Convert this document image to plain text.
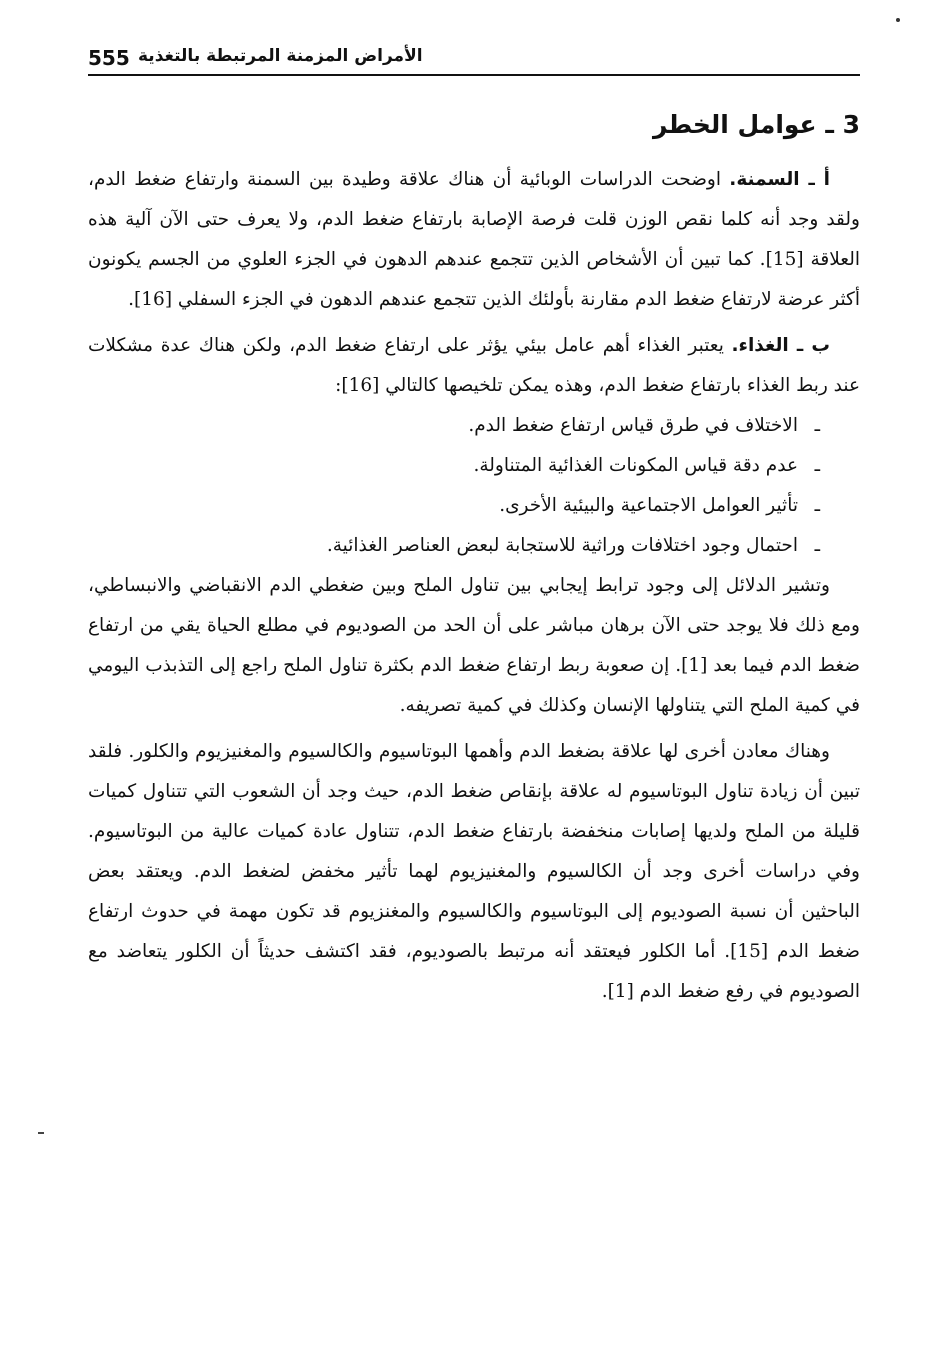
555 الأمراض المزمنة المرتبطة بالتغذية
3 ـ عوامل الخطر

أ ـ السمنة. اوضحت الدراسات الوبائية أن هناك علاقة وطيدة بين السمنة وارتفاع ضغط الدم، ولقد وجد أنه كلما نقص الوزن قلت فرصة الإصابة بارتفاع ضغط الدم، ولا يعرف حتى الآن آلية هذه العلاقة [15]. كما تبين أن الأشخاص الذين تتجمع عندهم الدهون في الجزء العلوي من الجسم يكونون أكثر عرضة لارتفاع ضغط الدم مقارنة بأولئك الذين تتجمع عندهم الدهون في الجزء السفلي [16].

ب ـ الغذاء. يعتبر الغذاء أهم عامل بيئي يؤثر على ارتفاع ضغط الدم، ولكن هناك عدة مشكلات عند ربط الغذاء بارتفاع ضغط الدم، وهذه يمكن تلخيصها كالتالي [16]:

ـالاختلاف في طرق قياس ارتفاع ضغط الدم.
ـعدم دقة قياس المكونات الغذائية المتناولة.
ـتأثير العوامل الاجتماعية والبيئية الأخرى.
ـاحتمال وجود اختلافات وراثية للاستجابة لبعض العناصر الغذائية.

وتشير الدلائل إلى وجود ترابط إيجابي بين تناول الملح وبين ضغطي الدم الانقباضي والانبساطي، ومع ذلك فلا يوجد حتى الآن برهان مباشر على أن الحد من الصوديوم في مطلع الحياة يقي من ارتفاع ضغط الدم فيما بعد [1]. إن صعوبة ربط ارتفاع ضغط الدم بكثرة تناول الملح راجع إلى التذبذب اليومي في كمية الملح التي يتناولها الإنسان وكذلك في كمية تصريفه.

وهناك معادن أخرى لها علاقة بضغط الدم وأهمها البوتاسيوم والكالسيوم والمغنيزيوم والكلور. فلقد تبين أن زيادة تناول البوتاسيوم له علاقة بإنقاص ضغط الدم، حيث وجد أن الشعوب التي تتناول كميات قليلة من الملح ولديها إصابات منخفضة بارتفاع ضغط الدم، تتناول عادة كميات عالية من البوتاسيوم. وفي دراسات أخرى وجد أن الكالسيوم والمغنيزيوم لهما تأثير مخفض لضغط الدم. ويعتقد بعض الباحثين أن نسبة الصوديوم إلى البوتاسيوم والكالسيوم والمغنزيوم قد تكون مهمة في حدوث ارتفاع ضغط الدم [15]. أما الكلور فيعتقد أنه مرتبط بالصوديوم، فقد اكتشف حديثاً أن الكلور يتعاضد مع الصوديوم في رفع ضغط الدم [1].
